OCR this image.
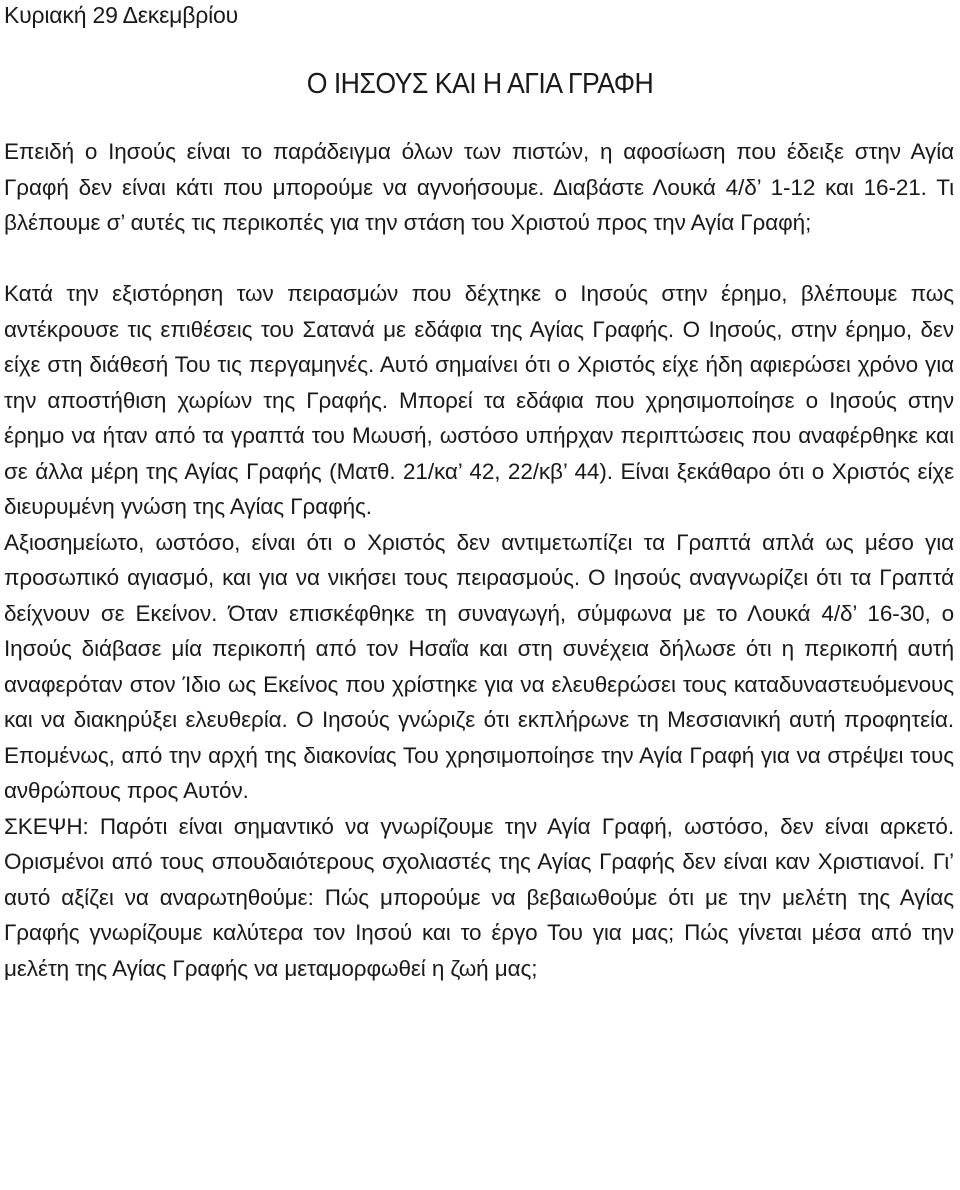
Κυριακή 29 Δεκεμβρίου
Ο ΙΗΣΟΥΣ ΚΑΙ Η ΑΓΙΑ ΓΡΑΦΗ

Επειδή ο Ιησούς είναι το παράδειγμα όλων των πιστών, η αφοσίωση που έδειξε στην Αγία Γραφή δεν είναι κάτι που μπορούμε να αγνοήσουμε. Διαβάστε Λουκά 4/δ’ 1-12 και 16-21. Τι βλέπουμε σ’ αυτές τις περικοπές για την στάση του Χριστού προς την Αγία Γραφή;

Κατά την εξιστόρηση των πειρασμών που δέχτηκε ο Ιησούς στην έρημο, βλέπουμε πως αντέκρουσε τις επιθέσεις του Σατανά με εδάφια της Αγίας Γραφής. Ο Ιησούς, στην έρημο, δεν είχε στη διάθεσή Του τις περγαμηνές. Αυτό σημαίνει ότι ο Χριστός είχε ήδη αφιερώσει χρόνο για την αποστήθιση χωρίων της Γραφής. Μπορεί τα εδάφια που χρησιμοποίησε ο Ιησούς στην έρημο να ήταν από τα γραπτά του Μωυσή, ωστόσο υπήρχαν περιπτώσεις που αναφέρθηκε και σε άλλα μέρη της Αγίας Γραφής (Ματθ. 21/κα’ 42, 22/κβ’ 44). Είναι ξεκάθαρο ότι ο Χριστός είχε διευρυμένη γνώση της Αγίας Γραφής.

Αξιοσημείωτο, ωστόσο, είναι ότι ο Χριστός δεν αντιμετωπίζει τα Γραπτά απλά ως μέσο για προσωπικό αγιασμό, και για να νικήσει τους πειρασμούς. Ο Ιησούς αναγνωρίζει ότι τα Γραπτά δείχνουν σε Εκείνον. Όταν επισκέφθηκε τη συναγωγή, σύμφωνα με το Λουκά 4/δ’ 16-30, ο Ιησούς διάβασε μία περικοπή από τον Ησαΐα και στη συνέχεια δήλωσε ότι η περικοπή αυτή αναφερόταν στον Ίδιο ως Εκείνος που χρίστηκε για να ελευθερώσει τους καταδυναστευόμενους και να διακηρύξει ελευθερία. Ο Ιησούς γνώριζε ότι εκπλήρωνε τη Μεσσιανική αυτή προφητεία. Επομένως, από την αρχή της διακονίας Του χρησιμοποίησε την Αγία Γραφή για να στρέψει τους ανθρώπους προς Αυτόν.

ΣΚΕΨΗ: Παρότι είναι σημαντικό να γνωρίζουμε την Αγία Γραφή, ωστόσο, δεν είναι αρκετό. Ορισμένοι από τους σπουδαιότερους σχολιαστές της Αγίας Γραφής δεν είναι καν Χριστιανοί. Γι’ αυτό αξίζει να αναρωτηθούμε: Πώς μπορούμε να βεβαιωθούμε ότι με την μελέτη της Αγίας Γραφής γνωρίζουμε καλύτερα τον Ιησού και το έργο Του για μας; Πώς γίνεται μέσα από την μελέτη της Αγίας Γραφής να μεταμορφωθεί η ζωή μας;
